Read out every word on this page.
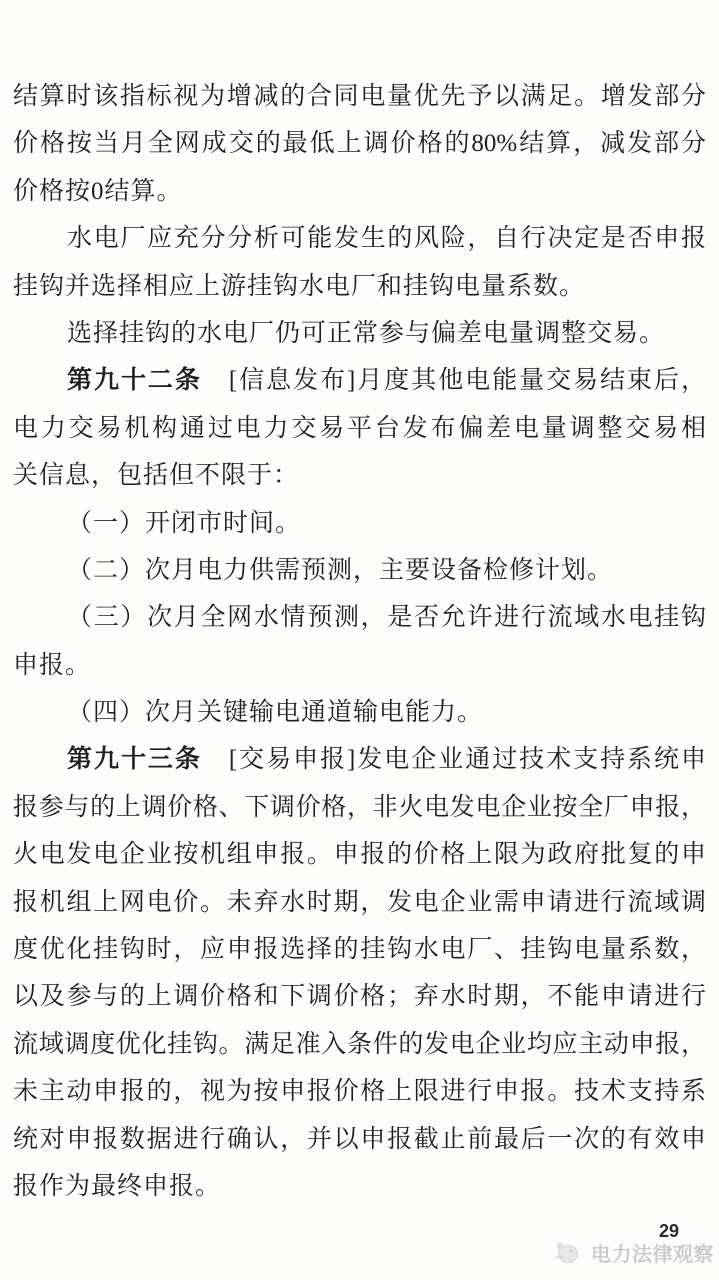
结算时该指标视为增减的合同电量优先予以满足。增发部分
价格按当月全网成交的最低上调价格的80%结算，减发部分
价格按0结算。
水电厂应充分分析可能发生的风险，自行决定是否申报
挂钩并选择相应上游挂钩水电厂和挂钩电量系数。
选择挂钩的水电厂仍可正常参与偏差电量调整交易。
第九十二条　[信息发布]月度其他电能量交易结束后，
电力交易机构通过电力交易平台发布偏差电量调整交易相
关信息，包括但不限于：
（一）开闭市时间。
（二）次月电力供需预测，主要设备检修计划。
（三）次月全网水情预测，是否允许进行流域水电挂钩
申报。
（四）次月关键输电通道输电能力。
第九十三条　[交易申报]发电企业通过技术支持系统申
报参与的上调价格、下调价格，非火电发电企业按全厂申报，
火电发电企业按机组申报。申报的价格上限为政府批复的申
报机组上网电价。未弃水时期，发电企业需申请进行流域调
度优化挂钩时，应申报选择的挂钩水电厂、挂钩电量系数，
以及参与的上调价格和下调价格；弃水时期，不能申请进行
流域调度优化挂钩。满足准入条件的发电企业均应主动申报，
未主动申报的，视为按申报价格上限进行申报。技术支持系
统对申报数据进行确认，并以申报截止前最后一次的有效申
报作为最终申报。
29
电力法律观察
